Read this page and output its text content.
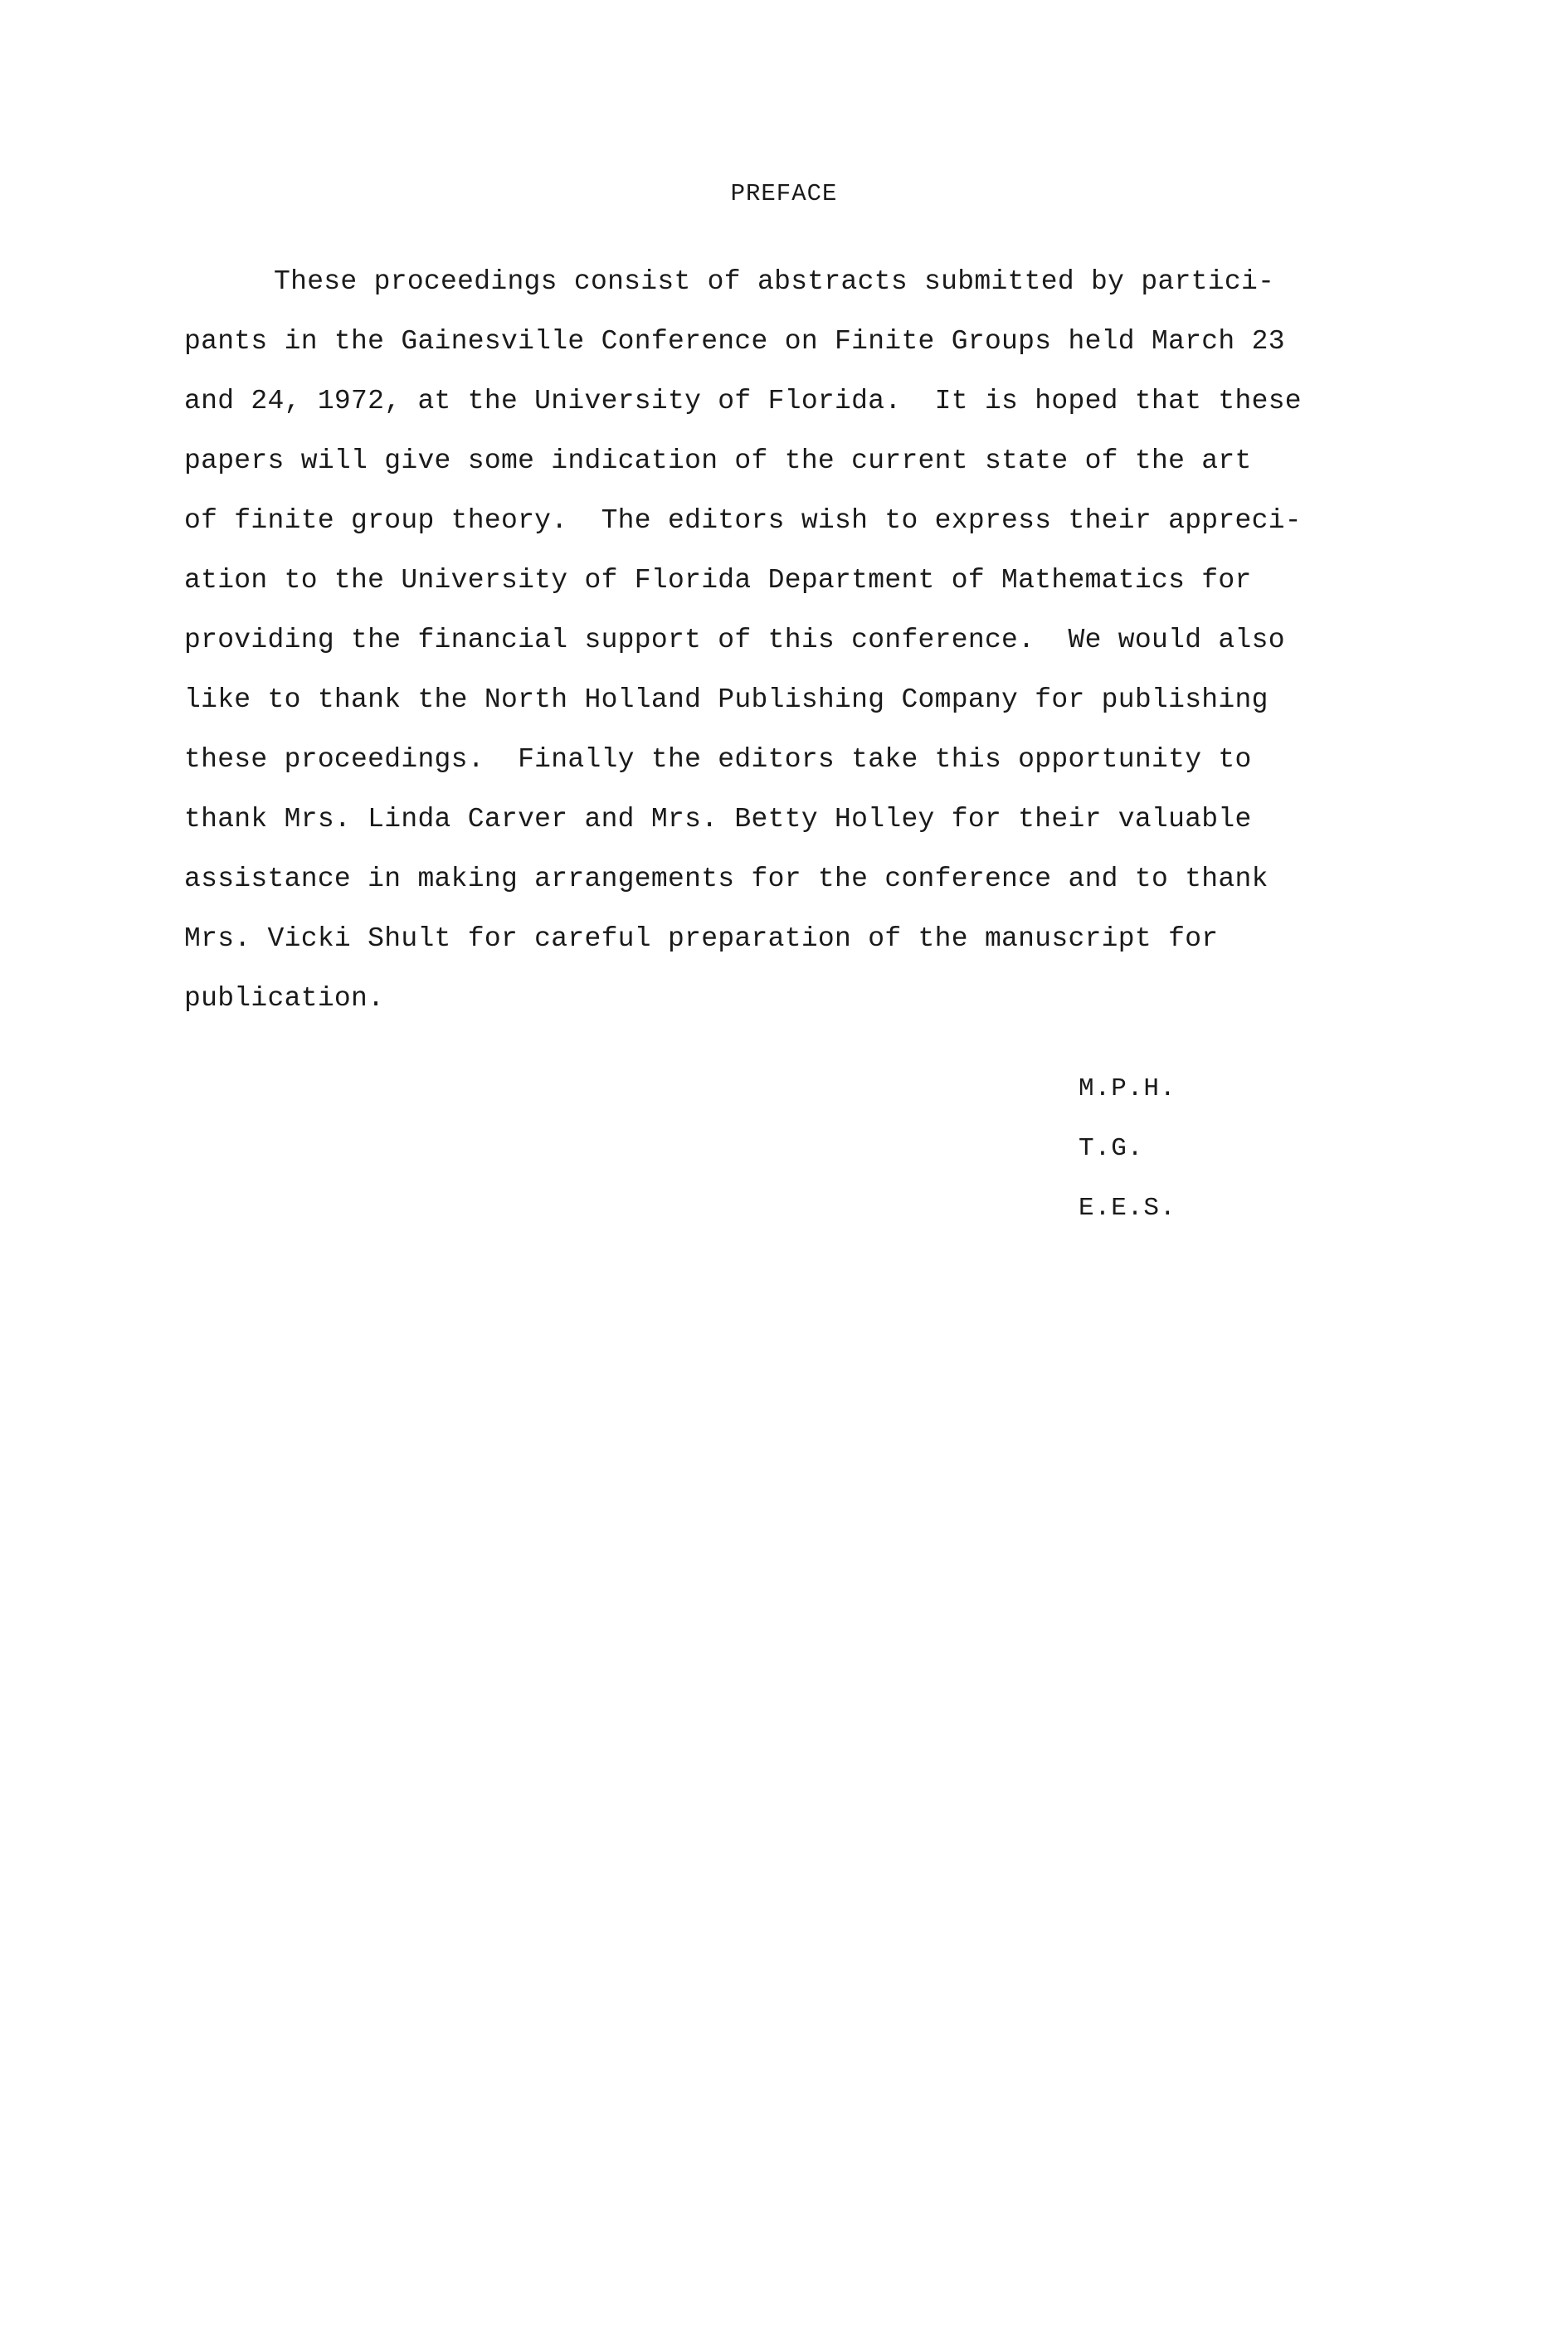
PREFACE
These proceedings consist of abstracts submitted by partici-
pants in the Gainesville Conference on Finite Groups held March 23
and 24, 1972, at the University of Florida.  It is hoped that these
papers will give some indication of the current state of the art
of finite group theory.  The editors wish to express their appreci-
ation to the University of Florida Department of Mathematics for
providing the financial support of this conference.  We would also
like to thank the North Holland Publishing Company for publishing
these proceedings.  Finally the editors take this opportunity to
thank Mrs. Linda Carver and Mrs. Betty Holley for their valuable
assistance in making arrangements for the conference and to thank
Mrs. Vicki Shult for careful preparation of the manuscript for
publication.
M.P.H.
T.G.
E.E.S.
